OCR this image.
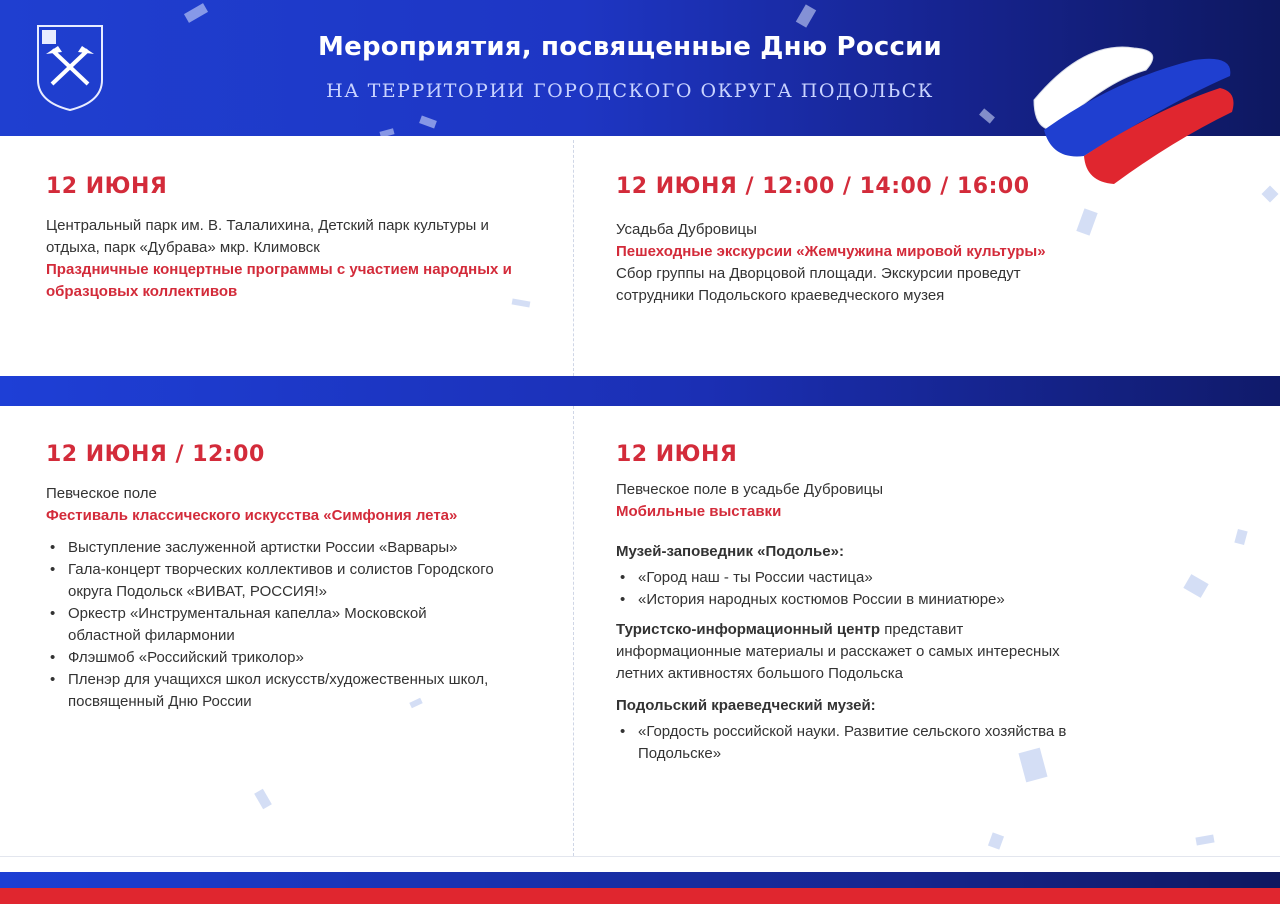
Мероприятия, посвященные Дню России
НА ТЕРРИТОРИИ ГОРОДСКОГО ОКРУГА ПОДОЛЬСК
12 ИЮНЯ
Центральный парк им. В. Талалихина, Детский парк культуры и отдыха, парк «Дубрава» мкр. Климовск
Праздничные концертные программы с участием народных и образцовых коллективов
12 ИЮНЯ / 12:00 / 14:00 / 16:00
Усадьба Дубровицы
Пешеходные экскурсии «Жемчужина мировой культуры»
Сбор группы на Дворцовой площади. Экскурсии проведут сотрудники Подольского краеведческого музея
12 ИЮНЯ / 12:00
Певческое поле
Фестиваль классического искусства «Симфония лета»
• Выступление заслуженной артистки России «Варвары»
• Гала-концерт творческих коллективов и солистов Городского округа Подольск «ВИВАТ, РОССИЯ!»
• Оркестр «Инструментальная капелла» Московской областной филармонии
• Флэшмоб «Российский триколор»
• Пленэр для учащихся школ искусств/художественных школ, посвященный Дню России
12 ИЮНЯ
Певческое поле в усадьбе Дубровицы
Мобильные выставки
Музей-заповедник «Подолье»:
• «Город наш - ты России частица»
• «История народных костюмов России в миниатюре»
Туристско-информационный центр представит информационные материалы и расскажет о самых интересных летних активностях большого Подольска
Подольский краеведческий музей:
• «Гордость российской науки. Развитие сельского хозяйства в Подольске»
